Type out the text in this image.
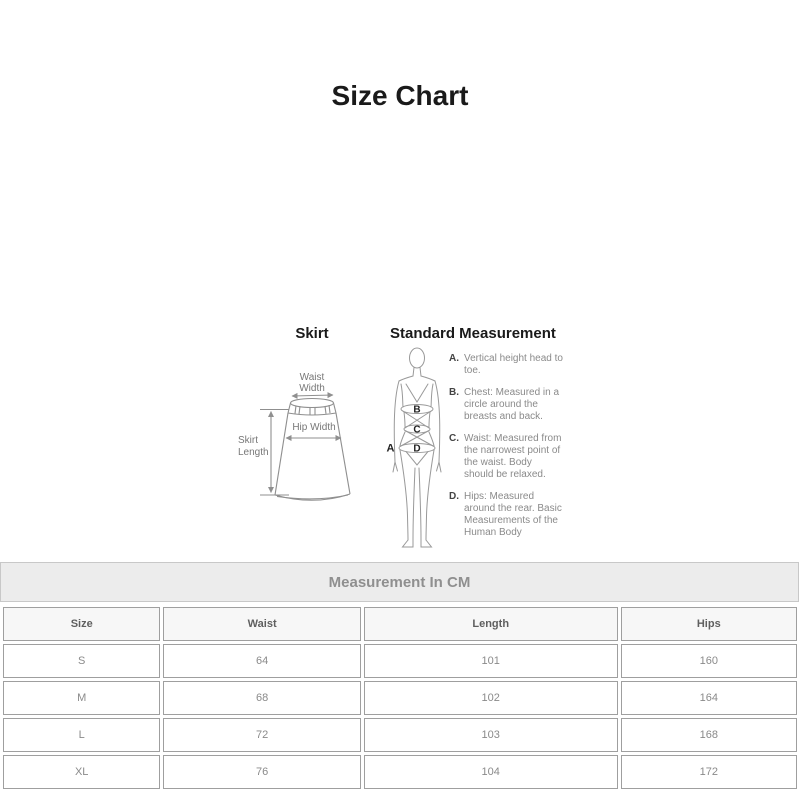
Size Chart
Skirt	Standard Measurement
Waist
Width
Hip Width
Skirt
Length	A
B
C
D
A. Vertical height head to toe.
B. Chest: Measured in a circle around the breasts and back.
C. Waist: Measured from the narrowest point of the waist. Body should be relaxed.
D. Hips: Measured around the rear. Basic Measurements of the Human Body
Measurement In CM
Size	Waist	Length	Hips
S	64	101	160
M	68	102	164
L	72	103	168
XL	76	104	172
